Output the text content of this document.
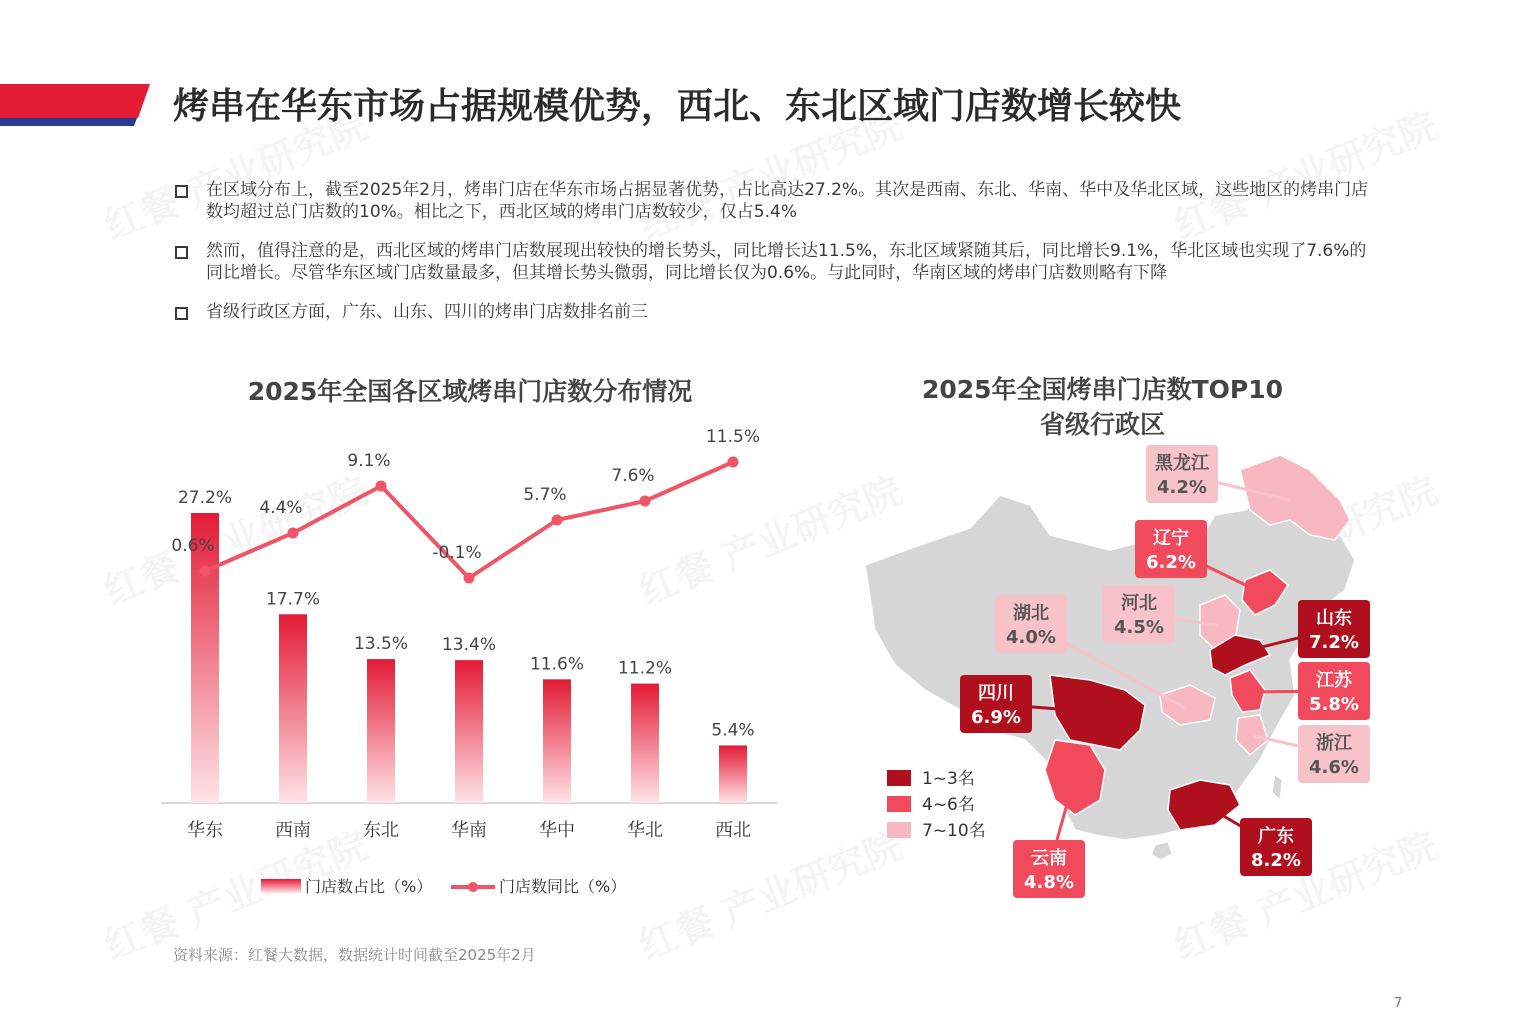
烤串在华东市场占据规模优势，西北、东北区域门店数增长较快
在区域分布上，截至2025年2月，烤串门店在华东市场占据显著优势，占比高达27.2%。其次是西南、东北、华南、华中及华北区域，这些地区的烤串门店数均超过总门店数的10%。相比之下，西北区域的烤串门店数较少，仅占5.4%
然而，值得注意的是，西北区域的烤串门店数展现出较快的增长势头，同比增长达11.5%，东北区域紧随其后，同比增长9.1%，华北区域也实现了7.6%的同比增长。尽管华东区域门店数量最多，但其增长势头微弱，同比增长仅为0.6%。与此同时，华南区域的烤串门店数则略有下降
省级行政区方面，广东、山东、四川的烤串门店数排名前三
2025年全国各区域烤串门店数分布情况
27.2%
17.7%
13.5% 13.4%
11.6% 11.2%
5.4%
0.6%
4.4%
9.1%
-0.1%
5.7%
7.6%
11.5%
华东	西南	东北	华南	华中	华北	西北
门店数占比（%）	门店数同比（%）
2025年全国烤串门店数TOP10
省级行政区
广东
8.2%
山东
7.2%
四川
6.9%
辽宁
6.2%
江苏
5.8%
云南
4.8%
浙江
4.6%
河北
4.5%
黑龙江
4.2%
湖北
4.0%
1~3名
4~6名
7~10名
资料来源：红餐大数据，数据统计时间截至2025年2月
7
